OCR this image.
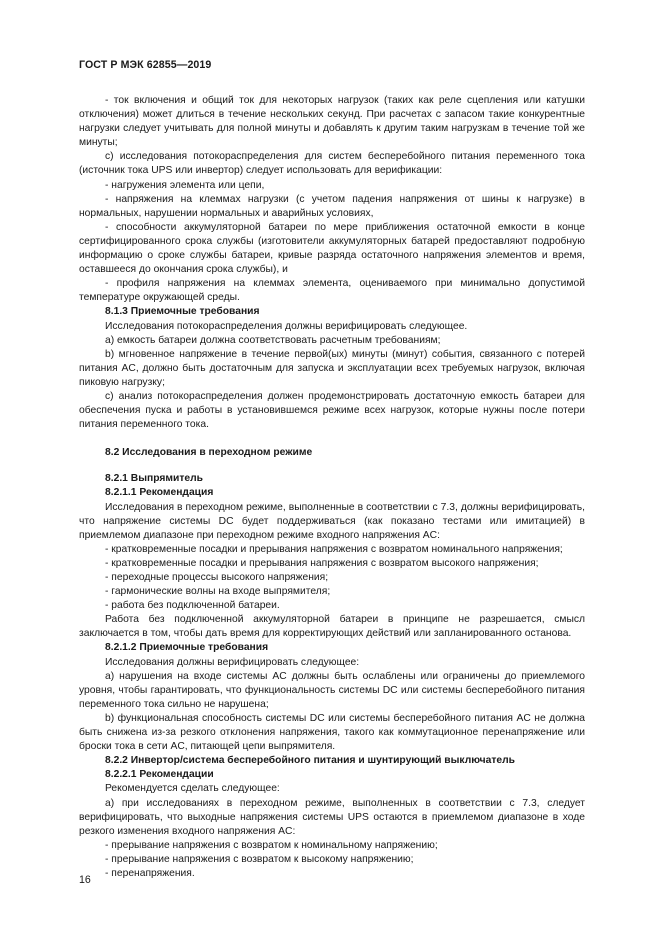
ГОСТ Р МЭК 62855—2019

- ток включения и общий ток для некоторых нагрузок (таких как реле сцепления или катушки отключения) может длиться в течение нескольких секунд. При расчетах с запасом такие конкурентные нагрузки следует учитывать для полной минуты и добавлять к другим таким нагрузкам в течение той же минуты;

c) исследования потокораспределения для систем бесперебойного питания переменного тока (источник тока UPS или инвертор) следует использовать для верификации:

- нагружения элемента или цепи,

- напряжения на клеммах нагрузки (с учетом падения напряжения от шины к нагрузке) в нормальных, нарушении нормальных и аварийных условиях,

- способности аккумуляторной батареи по мере приближения остаточной емкости в конце сертифицированного срока службы (изготовители аккумуляторных батарей предоставляют подробную информацию о сроке службы батареи, кривые разряда остаточного напряжения элементов и время, оставшееся до окончания срока службы), и

- профиля напряжения на клеммах элемента, оцениваемого при минимально допустимой температуре окружающей среды.

8.1.3 Приемочные требования

Исследования потокораспределения должны верифицировать следующее.

а) емкость батареи должна соответствовать расчетным требованиям;

b) мгновенное напряжение в течение первой(ых) минуты (минут) события, связанного с потерей питания AC, должно быть достаточным для запуска и эксплуатации всех требуемых нагрузок, включая пиковую нагрузку;

c) анализ потокораспределения должен продемонстрировать достаточную емкость батареи для обеспечения пуска и работы в установившемся режиме всех нагрузок, которые нужны после потери питания переменного тока.

8.2 Исследования в переходном режиме

8.2.1 Выпрямитель

8.2.1.1 Рекомендация

Исследования в переходном режиме, выполненные в соответствии с 7.3, должны верифицировать, что напряжение системы DC будет поддерживаться (как показано тестами или имитацией) в приемлемом диапазоне при переходном режиме входного напряжения AC:

- кратковременные посадки и прерывания напряжения с возвратом номинального напряжения;

- кратковременные посадки и прерывания напряжения с возвратом высокого напряжения;

- переходные процессы высокого напряжения;

- гармонические волны на входе выпрямителя;

- работа без подключенной батареи.

Работа без подключенной аккумуляторной батареи в принципе не разрешается, смысл заключается в том, чтобы дать время для корректирующих действий или запланированного останова.

8.2.1.2 Приемочные требования

Исследования должны верифицировать следующее:

а) нарушения на входе системы AC должны быть ослаблены или ограничены до приемлемого уровня, чтобы гарантировать, что функциональность системы DC или системы бесперебойного питания переменного тока сильно не нарушена;

b) функциональная способность системы DC или системы бесперебойного питания AC не должна быть снижена из-за резкого отклонения напряжения, такого как коммутационное перенапряжение или броски тока в сети AC, питающей цепи выпрямителя.

8.2.2 Инвертор/система бесперебойного питания и шунтирующий выключатель

8.2.2.1 Рекомендации

Рекомендуется сделать следующее:

а) при исследованиях в переходном режиме, выполненных в соответствии с 7.3, следует верифицировать, что выходные напряжения системы UPS остаются в приемлемом диапазоне в ходе резкого изменения входного напряжения AC:

- прерывание напряжения с возвратом к номинальному напряжению;

- прерывание напряжения с возвратом к высокому напряжению;

- перенапряжения.

16
